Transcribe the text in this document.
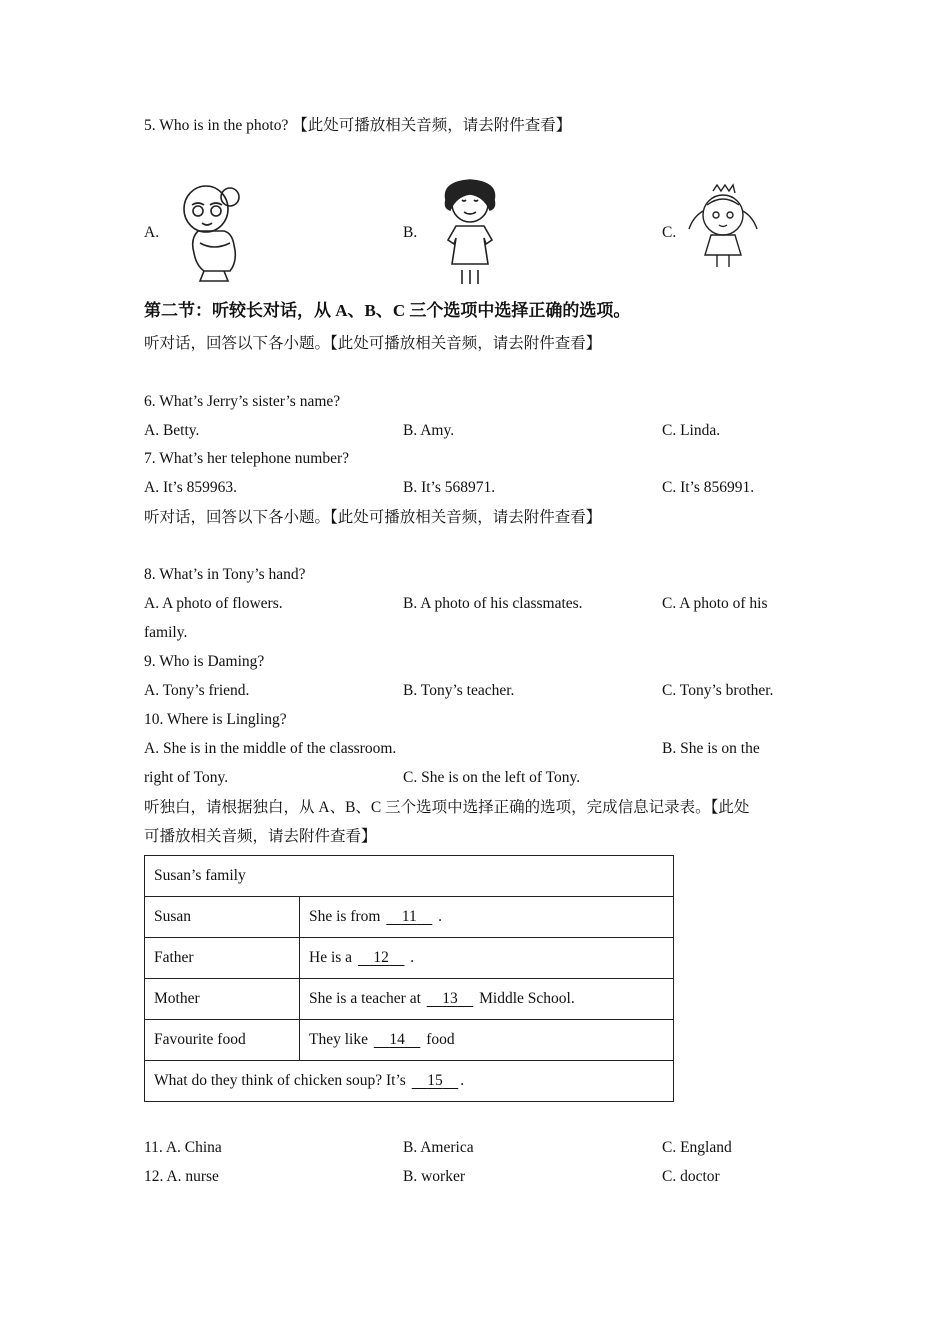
5. Who is in the photo? 【此处可播放相关音频，请去附件查看】
A.	B.	C.
第二节：听较长对话，从 A、B、C 三个选项中选择正确的选项。
听对话，回答以下各小题。【此处可播放相关音频，请去附件查看】
6. What’s Jerry’s sister’s name?
A. Betty.	B. Amy.	C. Linda.
7. What’s her telephone number?
A. It’s 859963.	B. It’s 568971.	C. It’s 856991.
听对话，回答以下各小题。【此处可播放相关音频，请去附件查看】
8. What’s in Tony’s hand?
A. A photo of flowers.	B. A photo of his classmates.	C. A photo of his
family.
9. Who is Daming?
A. Tony’s friend.	B. Tony’s teacher.	C. Tony’s brother.
10. Where is Lingling?
A. She is in the middle of the classroom.	B. She is on the
right of Tony.	C. She is on the left of Tony.
听独白，请根据独白，从 A、B、C 三个选项中选择正确的选项，完成信息记录表。【此处
可播放相关音频，请去附件查看】
Susan’s family	
Susan	She is from 11 .
Father	He is a 12 .
Mother	She is a teacher at 13 Middle School.
Favourite food	They like 14 food
What do they think of chicken soup? It’s 15 .	
11. A. China	B. America	C. England
12. A. nurse	B. worker	C. doctor
